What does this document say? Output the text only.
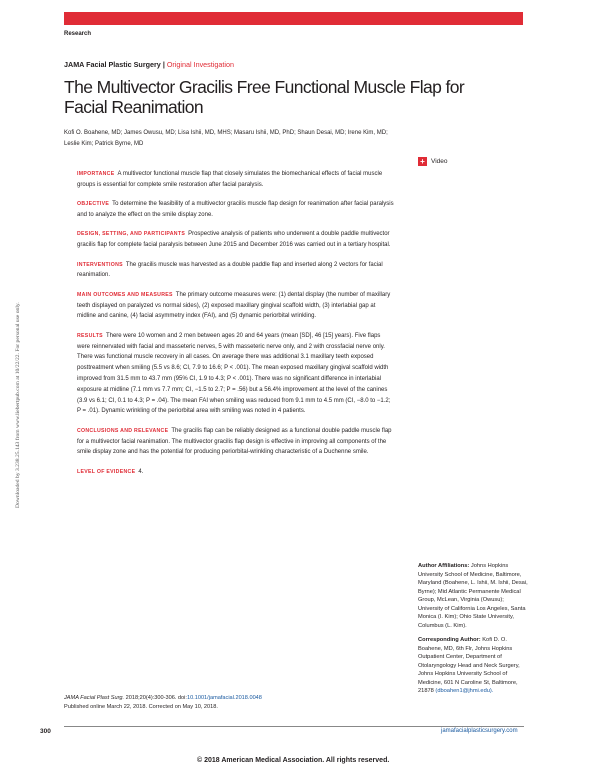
Research
JAMA Facial Plastic Surgery | Original Investigation
The Multivector Gracilis Free Functional Muscle Flap for Facial Reanimation
Kofi O. Boahene, MD; James Owusu, MD; Lisa Ishii, MD, MHS; Masaru Ishii, MD, PhD; Shaun Desai, MD; Irene Kim, MD; Leslie Kim; Patrick Byrne, MD
+ Video

IMPORTANCE A multivector functional muscle flap that closely simulates the biomechanical effects of facial muscle groups is essential for complete smile restoration after facial paralysis.

OBJECTIVE To determine the feasibility of a multivector gracilis muscle flap design for reanimation after facial paralysis and to analyze the effect on the smile display zone.

DESIGN, SETTING, AND PARTICIPANTS Prospective analysis of patients who underwent a double paddle multivector gracilis flap for complete facial paralysis between June 2015 and December 2016 was carried out in a tertiary hospital.

INTERVENTIONS The gracilis muscle was harvested as a double paddle flap and inserted along 2 vectors for facial reanimation.

MAIN OUTCOMES AND MEASURES The primary outcome measures were: (1) dental display (the number of maxillary teeth displayed on paralyzed vs normal sides), (2) exposed maxillary gingival scaffold width, (3) interlabial gap at midline and canine, (4) facial asymmetry index (FAI), and (5) dynamic periorbital wrinkling.

RESULTS There were 10 women and 2 men between ages 20 and 64 years (mean [SD], 46 [15] years). Five flaps were reinnervated with facial and masseteric nerves, 5 with masseteric nerve only, and 2 with crossfacial nerve only. There was functional muscle recovery in all cases. On average there was additional 3.1 maxillary teeth exposed posttreatment when smiling (5.5 vs 8.6; CI, 7.9 to 16.6; P < .001). The mean exposed maxillary gingival scaffold width improved from 31.5 mm to 43.7 mm (95% CI, 1.9 to 4.3; P < .001). There was no significant difference in interlabial exposure at midline (7.1 mm vs 7.7 mm; CI, −1.5 to 2.7; P = .56) but a 56.4% improvement at the level of the canines (3.9 vs 6.1; CI, 0.1 to 4.3; P = .04). The mean FAI when smiling was reduced from 9.1 mm to 4.5 mm (CI, −8.0 to −1.2; P = .01). Dynamic wrinkling of the periorbital area with smiling was noted in 4 patients.

CONCLUSIONS AND RELEVANCE The gracilis flap can be reliably designed as a functional double paddle muscle flap for a multivector facial reanimation. The multivector gracilis flap design is effective in improving all components of the smile display zone and has the potential for producing periorbital-wrinkling characteristic of a Duchenne smile.

LEVEL OF EVIDENCE 4.

Downloaded by 3.238.25.143 from www.liebertpub.com at 10/22/22. For personal use only.
Author Affiliations: Johns Hopkins University School of Medicine, Baltimore, Maryland (Boahene, L. Ishii, M. Ishii, Desai, Byrne); Mid Atlantic Permanente Medical Group, McLean, Virginia (Owusu); University of California Los Angeles, Santa Monica (I. Kim); Ohio State University, Columbus (L. Kim).
Corresponding Author: Kofi D. O. Boahene, MD, 6th Flr, Johns Hopkins Outpatient Center, Department of Otolaryngology Head and Neck Surgery, Johns Hopkins University School of Medicine, 601 N Caroline St, Baltimore, 21878 (dboahen1@jhmi.edu).
JAMA Facial Plast Surg. 2018;20(4):300-306. doi:10.1001/jamafacial.2018.0048
Published online March 22, 2018. Corrected on May 10, 2018.
300	jamafacialplasticsurgery.com
© 2018 American Medical Association. All rights reserved.
